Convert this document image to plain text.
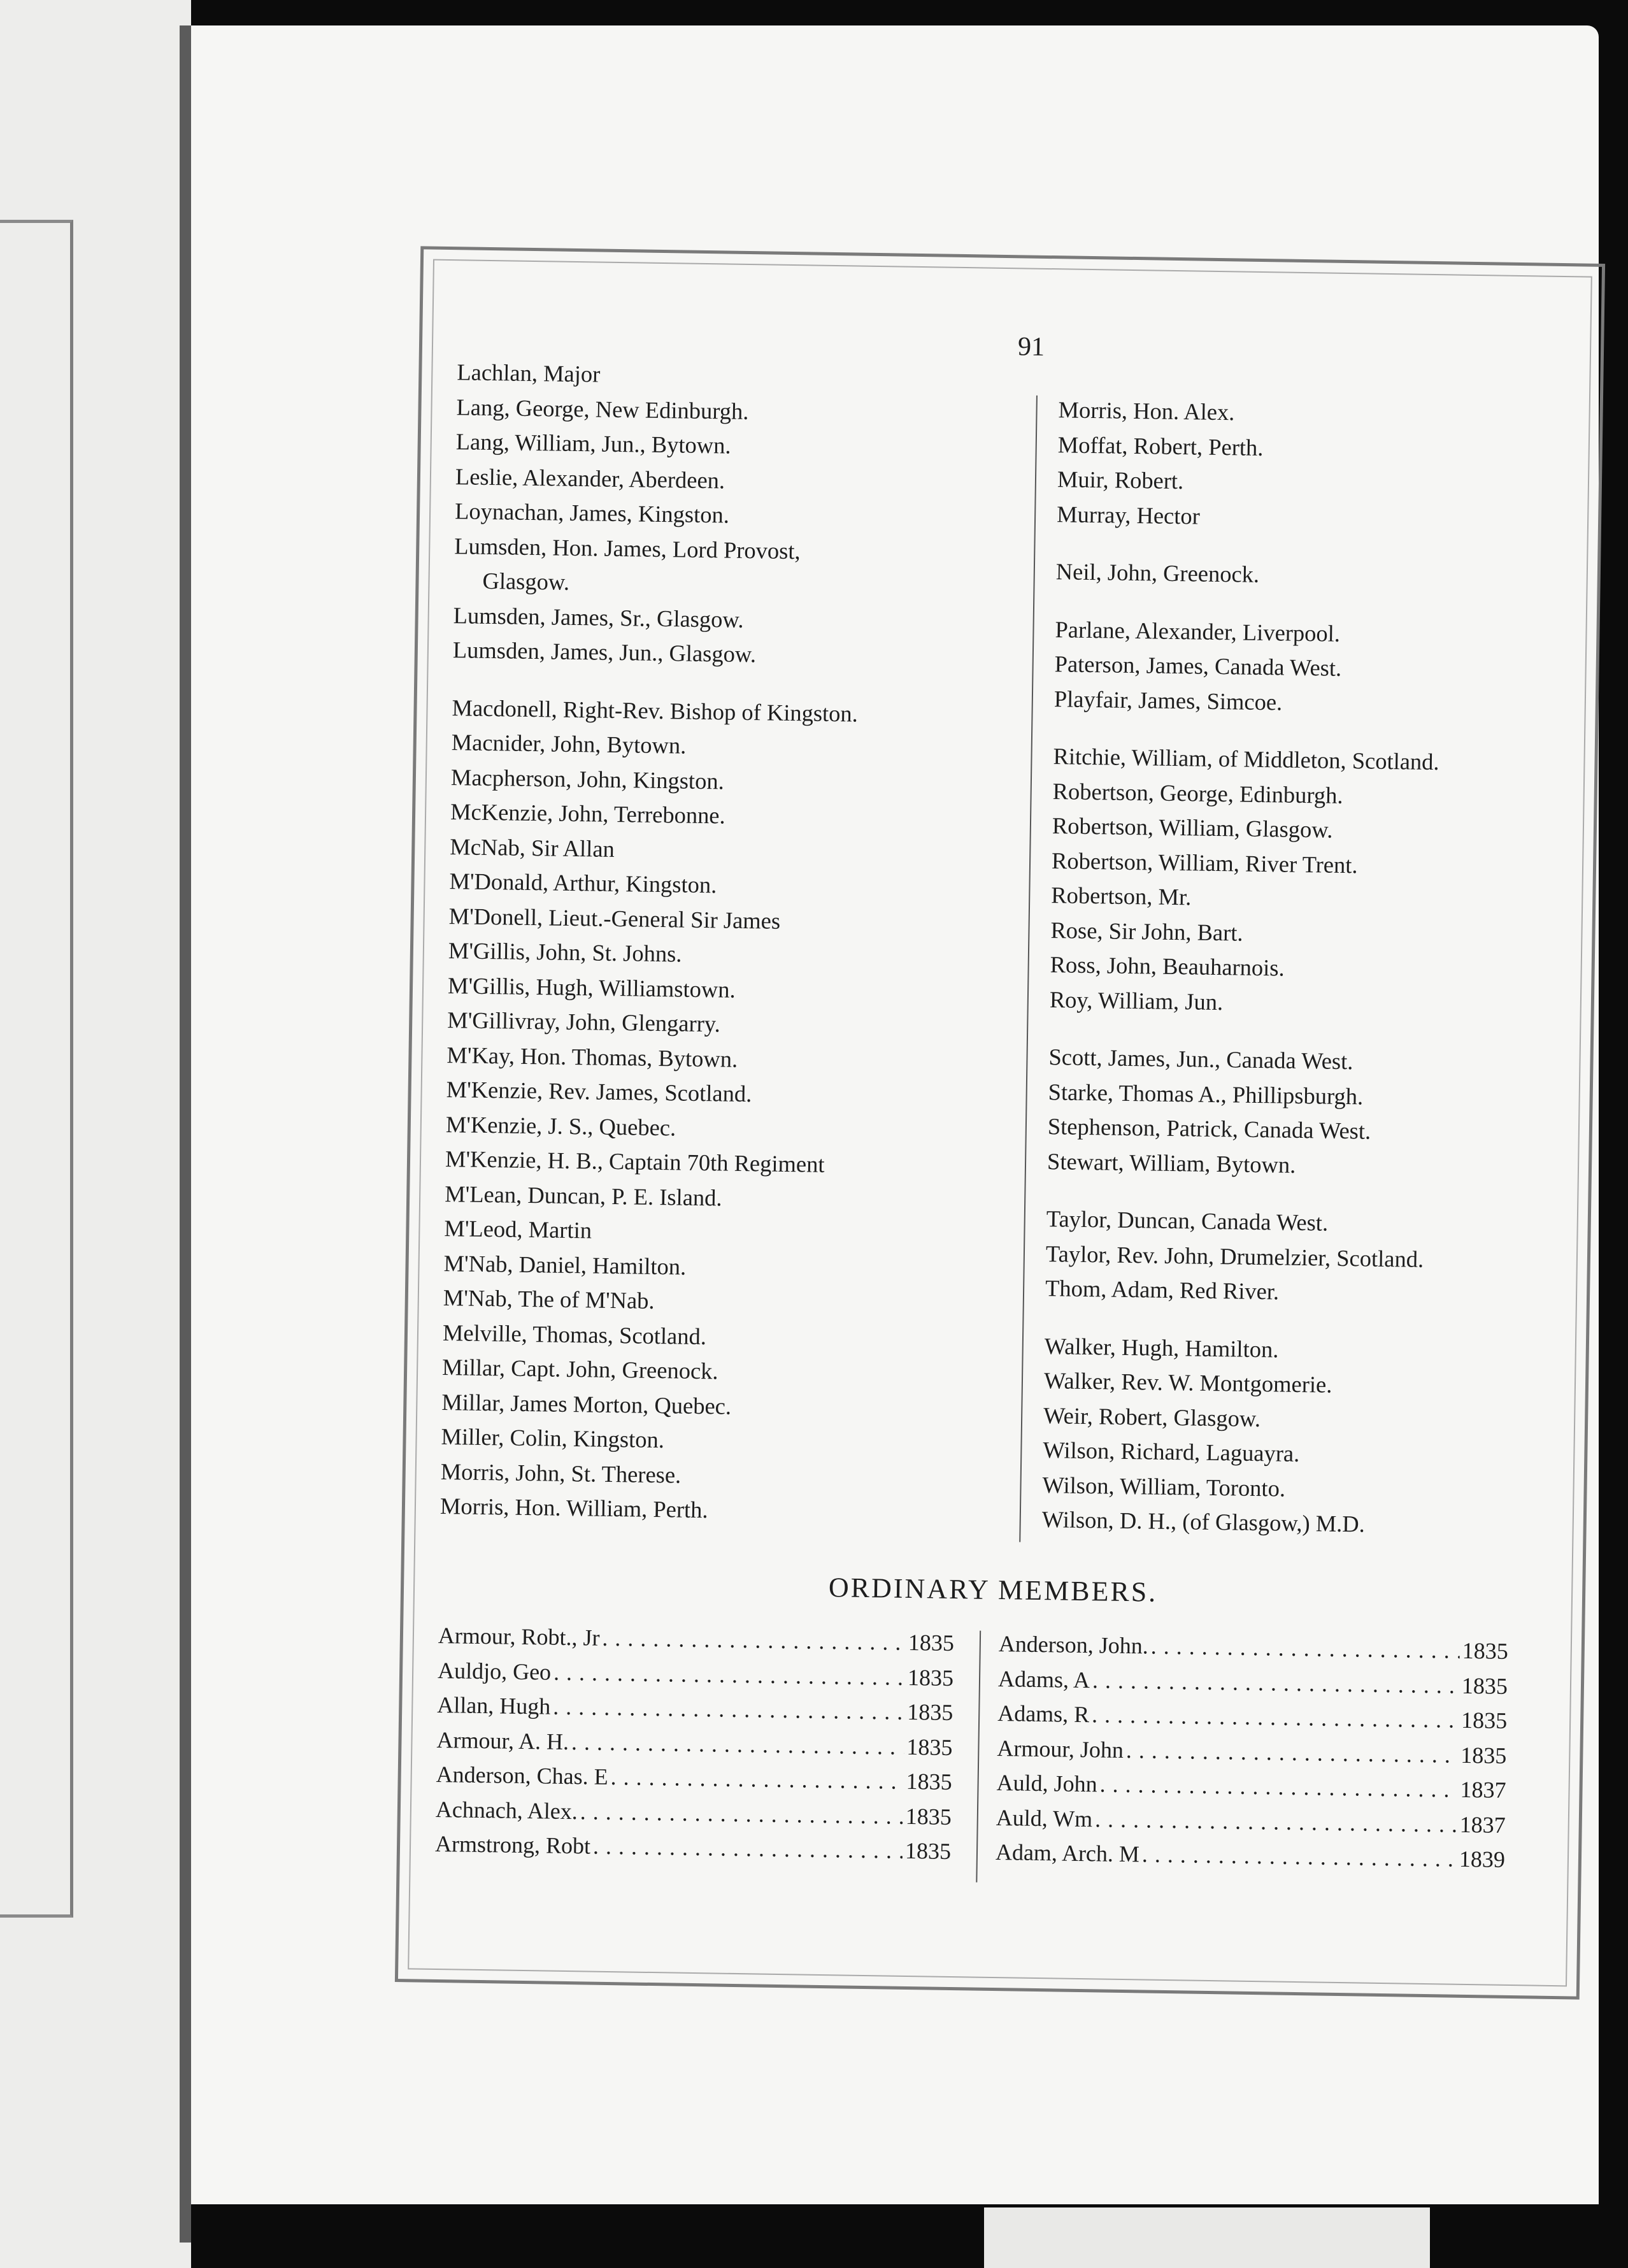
91
Lachlan, Major
Lang, George, New Edinburgh.
Lang, William, Jun., Bytown.
Leslie, Alexander, Aberdeen.
Loynachan, James, Kingston.
Lumsden, Hon. James, Lord Provost,
Glasgow.
Lumsden, James, Sr., Glasgow.
Lumsden, James, Jun., Glasgow.
Macdonell, Right-Rev. Bishop of Kingston.
Macnider, John, Bytown.
Macpherson, John, Kingston.
McKenzie, John, Terrebonne.
McNab, Sir Allan
M'Donald, Arthur, Kingston.
M'Donell, Lieut.-General Sir James
M'Gillis, John, St. Johns.
M'Gillis, Hugh, Williamstown.
M'Gillivray, John, Glengarry.
M'Kay, Hon. Thomas, Bytown.
M'Kenzie, Rev. James, Scotland.
M'Kenzie, J. S., Quebec.
M'Kenzie, H. B., Captain 70th Regiment
M'Lean, Duncan, P. E. Island.
M'Leod, Martin
M'Nab, Daniel, Hamilton.
M'Nab, The of M'Nab.
Melville, Thomas, Scotland.
Millar, Capt. John, Greenock.
Millar, James Morton, Quebec.
Miller, Colin, Kingston.
Morris, John, St. Therese.
Morris, Hon. William, Perth.
Morris, Hon. Alex.
Moffat, Robert, Perth.
Muir, Robert.
Murray, Hector
Neil, John, Greenock.
Parlane, Alexander, Liverpool.
Paterson, James, Canada West.
Playfair, James, Simcoe.
Ritchie, William, of Middleton, Scotland.
Robertson, George, Edinburgh.
Robertson, William, Glasgow.
Robertson, William, River Trent.
Robertson, Mr.
Rose, Sir John, Bart.
Ross, John, Beauharnois.
Roy, William, Jun.
Scott, James, Jun., Canada West.
Starke, Thomas A., Phillipsburgh.
Stephenson, Patrick, Canada West.
Stewart, William, Bytown.
Taylor, Duncan, Canada West.
Taylor, Rev. John, Drumelzier, Scotland.
Thom, Adam, Red River.
Walker, Hugh, Hamilton.
Walker, Rev. W. Montgomerie.
Weir, Robert, Glasgow.
Wilson, Richard, Laguayra.
Wilson, William, Toronto.
Wilson, D. H., (of Glasgow,) M.D.
ORDINARY MEMBERS.
Armour, Robt., Jr . . .	1835
Auldjo, Geo . . .	1835
Allan, Hugh . . .	1835
Armour, A. H. . . .	1835
Anderson, Chas. E . . .	1835
Achnach, Alex. . . .	1835
Armstrong, Robt . . .	1835
Anderson, John. . . .	1835
Adams, A . . .	1835
Adams, R . . .	1835
Armour, John . . .	1835
Auld, John . . .	1837
Auld, Wm . . .	1837
Adam, Arch. M . . .	1839
